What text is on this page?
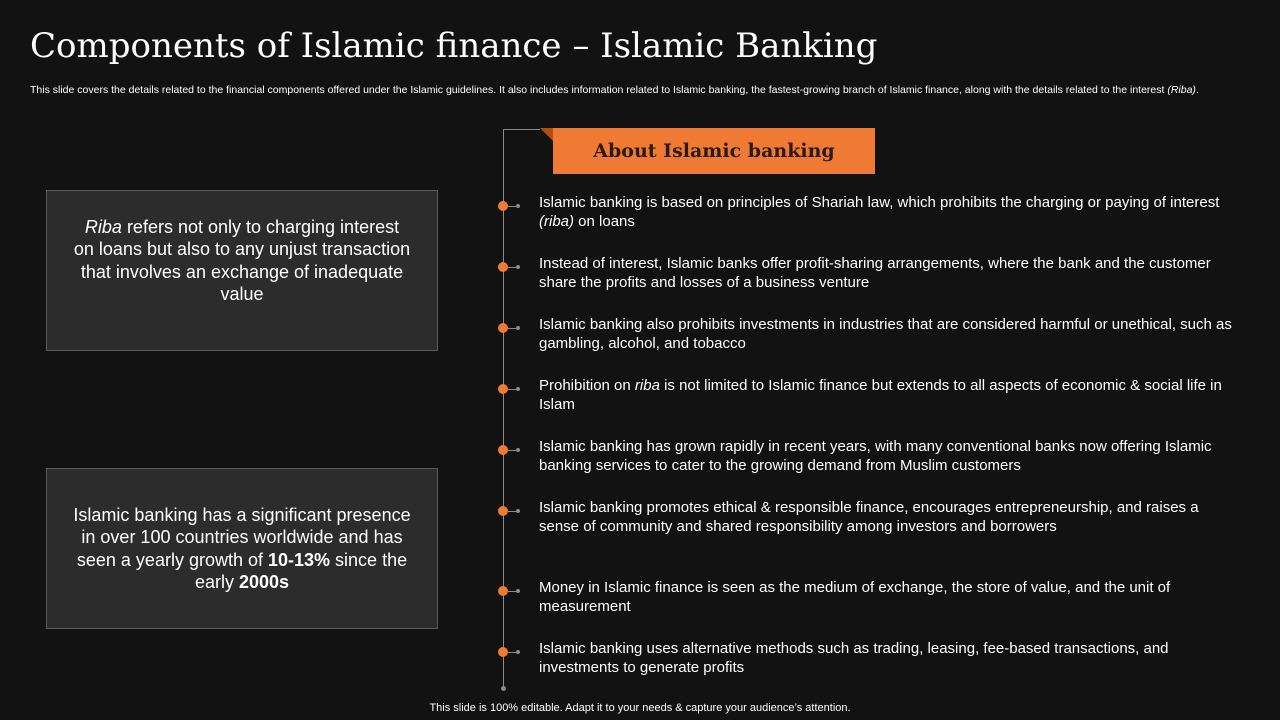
Components of Islamic finance – Islamic Banking
This slide covers the details related to the financial components offered under the Islamic guidelines. It also includes information related to Islamic banking, the fastest-growing branch of Islamic finance, along with the details related to the interest (Riba).
Riba refers not only to charging interest on loans but also to any unjust transaction that involves an exchange of inadequate value
Islamic banking has a significant presence in over 100 countries worldwide and has seen a yearly growth of 10-13% since the early 2000s
About Islamic banking
Islamic banking is based on principles of Shariah law, which prohibits the charging or paying of interest (riba) on loans
Instead of interest, Islamic banks offer profit-sharing arrangements, where the bank and the customer share the profits and losses of a business venture
Islamic banking also prohibits investments in industries that are considered harmful or unethical, such as gambling, alcohol, and tobacco
Prohibition on riba is not limited to Islamic finance but extends to all aspects of economic & social life in Islam
Islamic banking has grown rapidly in recent years, with many conventional banks now offering Islamic banking services to cater to the growing demand from Muslim customers
Islamic banking promotes ethical & responsible finance, encourages entrepreneurship, and raises a sense of community and shared responsibility among investors and borrowers
Money in Islamic finance is seen as the medium of exchange, the store of value, and the unit of measurement
Islamic banking uses alternative methods such as trading, leasing, fee-based transactions, and investments to generate profits
This slide is 100% editable. Adapt it to your needs & capture your audience’s attention.
